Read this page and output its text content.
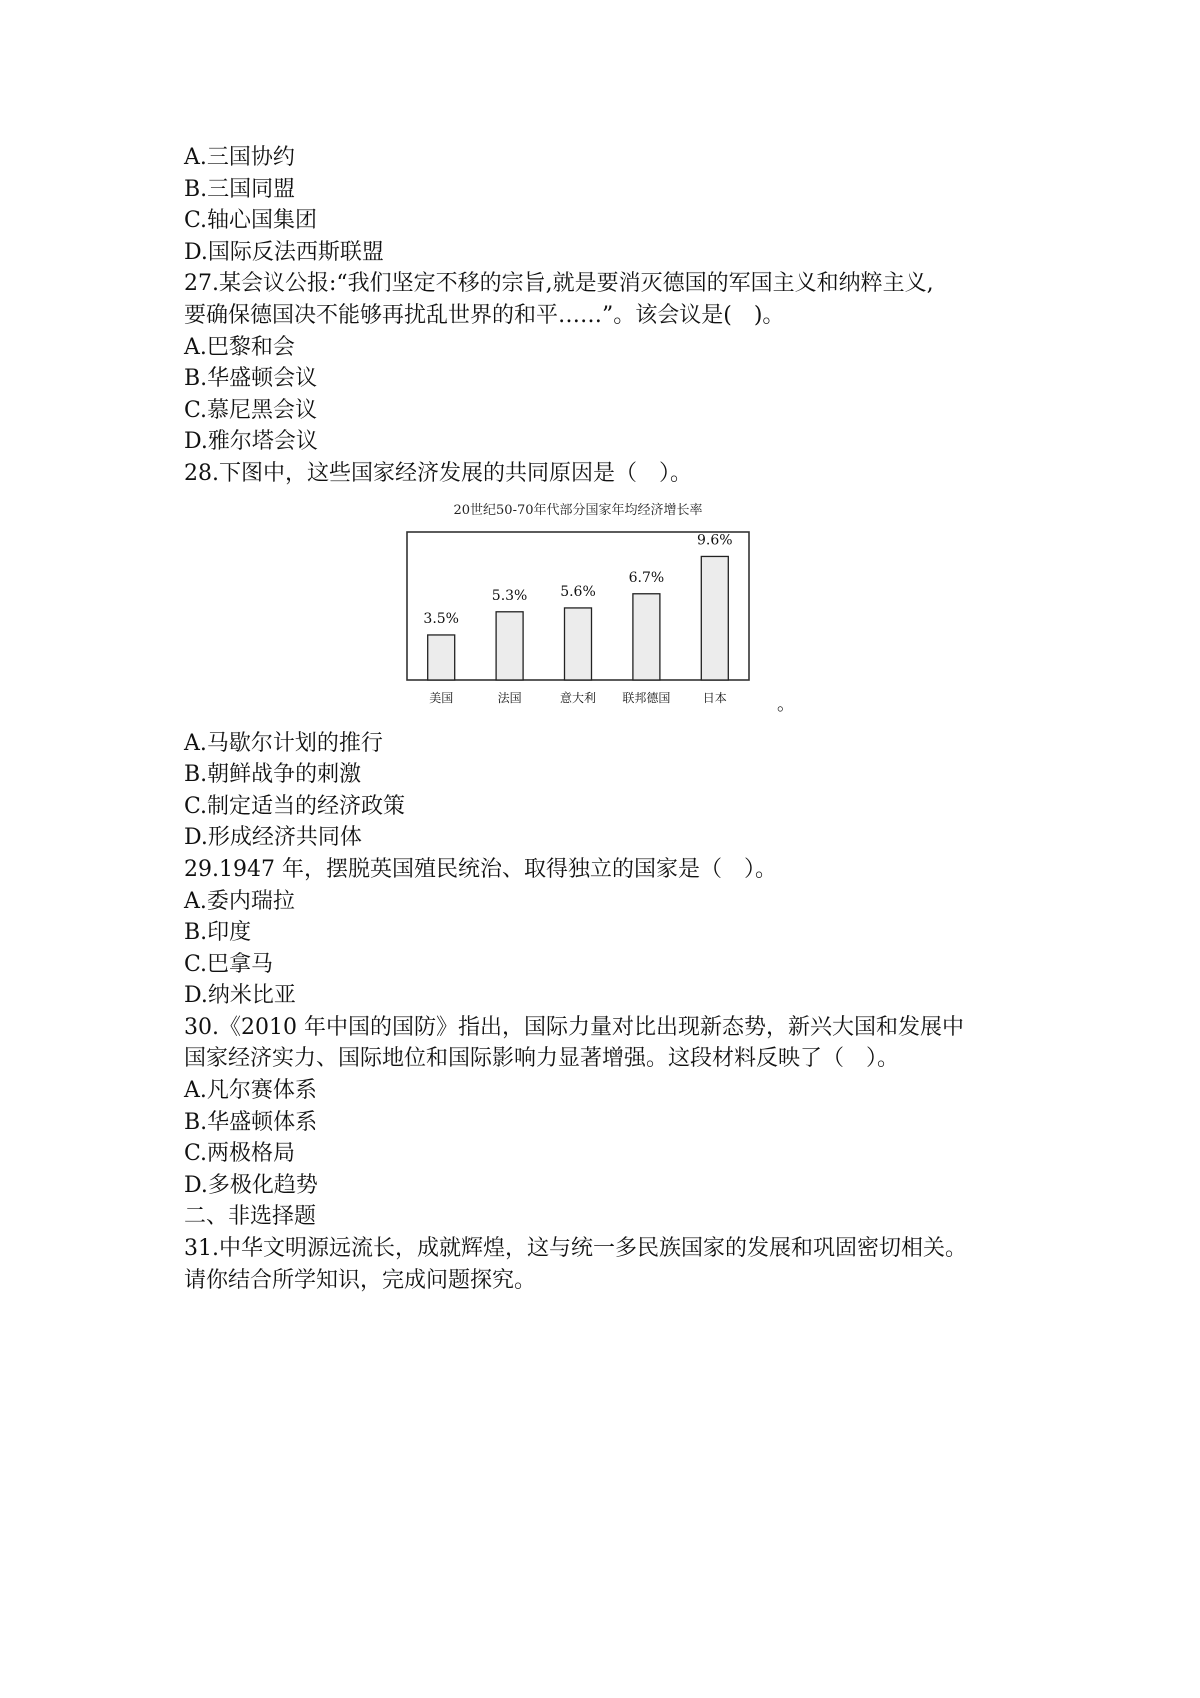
A.三国协约
B.三国同盟
C.轴心国集团
D.国际反法西斯联盟
27.某会议公报:“我们坚定不移的宗旨,就是要消灭德国的军国主义和纳粹主义,
要确保德国决不能够再扰乱世界的和平……”。该会议是(　)。
A.巴黎和会
B.华盛顿会议
C.慕尼黑会议
D.雅尔塔会议
28.下图中，这些国家经济发展的共同原因是（　）。
20世纪50-70年代部分国家年均经济增长率
3.5%
美国
5.3%
法国
5.6%
意大利
6.7%
联邦德国
9.6%
日本	。
A.马歇尔计划的推行
B.朝鲜战争的刺激
C.制定适当的经济政策
D.形成经济共同体
29.1947 年，摆脱英国殖民统治、取得独立的国家是（　）。
A.委内瑞拉
B.印度
C.巴拿马
D.纳米比亚
30.《2010 年中国的国防》指出，国际力量对比出现新态势，新兴大国和发展中
国家经济实力、国际地位和国际影响力显著增强。这段材料反映了（　）。
A.凡尔赛体系
B.华盛顿体系
C.两极格局
D.多极化趋势
二、非选择题
31.中华文明源远流长，成就辉煌，这与统一多民族国家的发展和巩固密切相关。
请你结合所学知识，完成问题探究。
